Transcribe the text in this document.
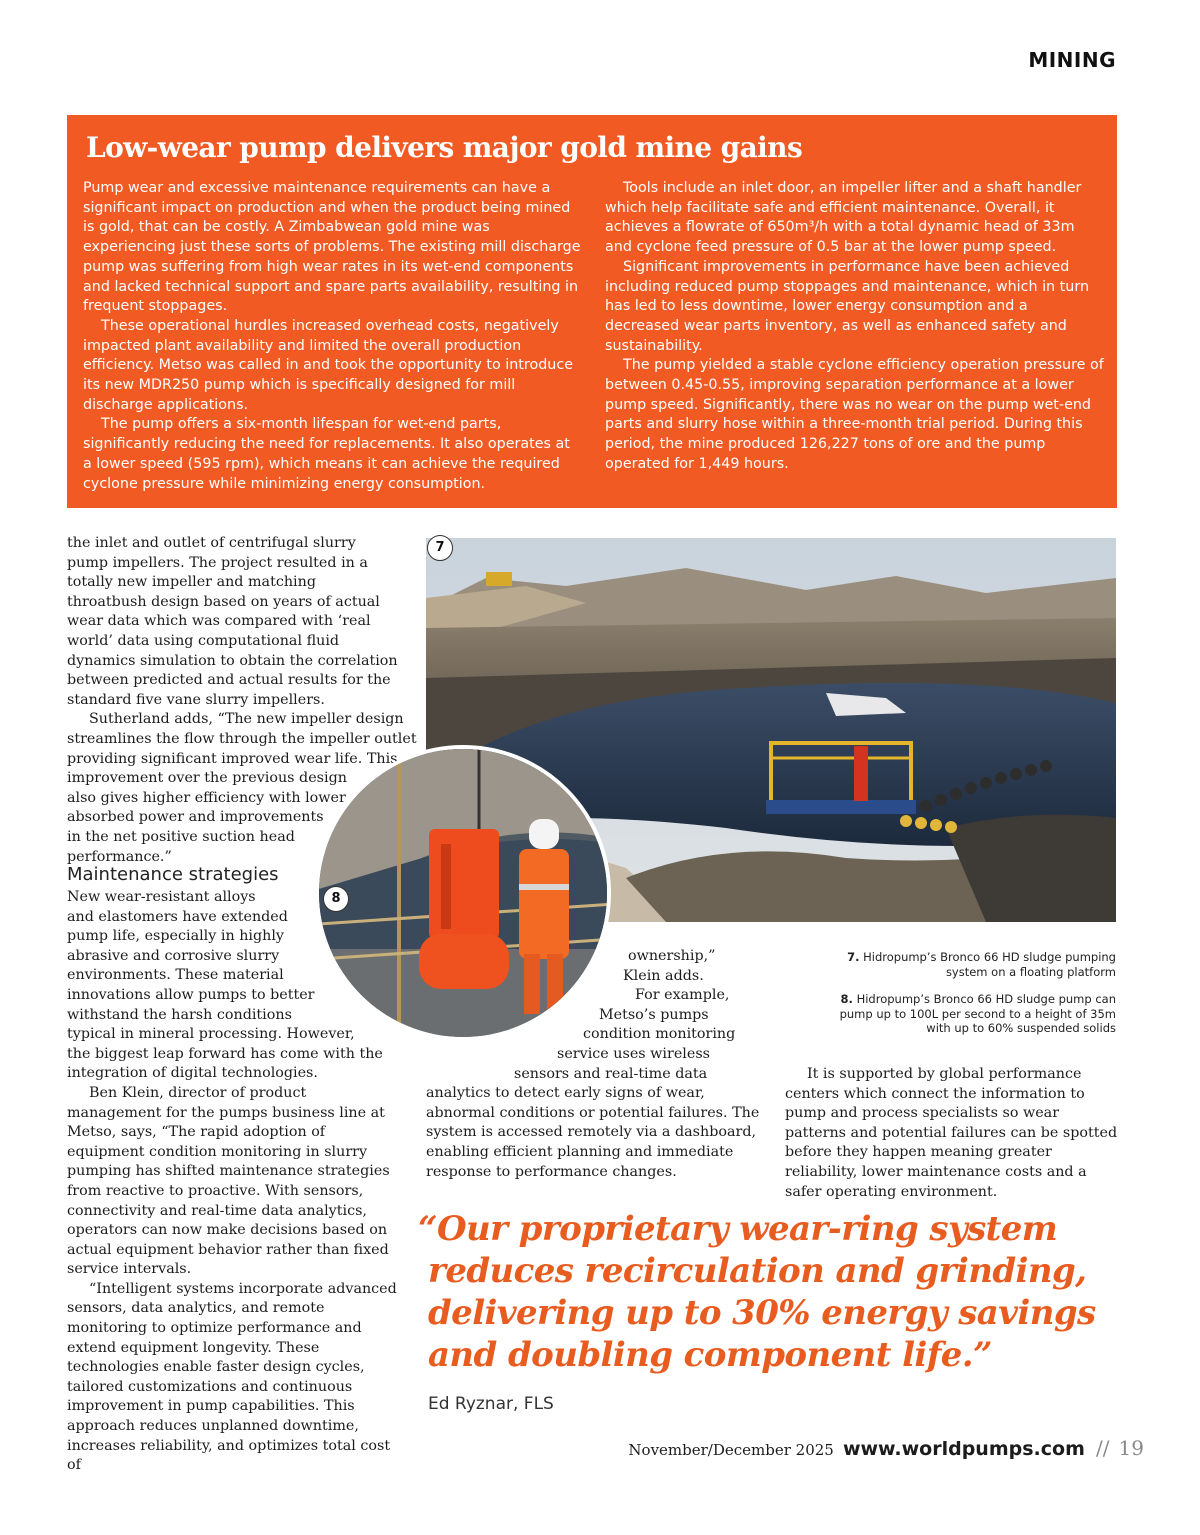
MINING
Low-wear pump delivers major gold mine gains

Pump wear and excessive maintenance requirements can have a significant impact on production and when the product being mined is gold, that can be costly. A Zimbabwean gold mine was experiencing just these sorts of problems. The existing mill discharge pump was suffering from high wear rates in its wet-end components and lacked technical support and spare parts availability, resulting in frequent stoppages.

These operational hurdles increased overhead costs, negatively impacted plant availability and limited the overall production efficiency. Metso was called in and took the opportunity to introduce its new MDR250 pump which is specifically designed for mill discharge applications.

The pump offers a six-month lifespan for wet-end parts, significantly reducing the need for replacements. It also operates at a lower speed (595 rpm), which means it can achieve the required cyclone pressure while minimizing energy consumption.

Tools include an inlet door, an impeller lifter and a shaft handler which help facilitate safe and efficient maintenance. Overall, it achieves a flowrate of 650m³/h with a total dynamic head of 33m and cyclone feed pressure of 0.5 bar at the lower pump speed.

Significant improvements in performance have been achieved including reduced pump stoppages and maintenance, which in turn has led to less downtime, lower energy consumption and a decreased wear parts inventory, as well as enhanced safety and sustainability.

The pump yielded a stable cyclone efficiency operation pressure of between 0.45-0.55, improving separation performance at a lower pump speed. Significantly, there was no wear on the pump wet-end parts and slurry hose within a three-month trial period. During this period, the mine produced 126,227 tons of ore and the pump operated for 1,449 hours.

the inlet and outlet of centrifugal slurry pump impellers. The project resulted in a totally new impeller and matching throatbush design based on years of actual wear data which was compared with ‘real world’ data using computational fluid dynamics simulation to obtain the correlation between predicted and actual results for the standard five vane slurry impellers.

Sutherland adds, “The new impeller design
streamlines the flow through the impeller outlet
providing significant improved wear life. This
improvement over the previous design
also gives higher efficiency with lower
absorbed power and improvements
in the net positive suction head
performance.”

Maintenance strategies

New wear-resistant alloys
and elastomers have extended
pump life, especially in highly
abrasive and corrosive slurry
environments. These material
innovations allow pumps to better
withstand the harsh conditions
typical in mineral processing. However,
the biggest leap forward has come with the
integration of digital technologies.

Ben Klein, director of product management for the pumps business line at Metso, says, “The rapid adoption of equipment condition monitoring in slurry pumping has shifted maintenance strategies from reactive to proactive. With sensors, connectivity and real-time data analytics, operators can now make decisions based on actual equipment behavior rather than fixed service intervals.

“Intelligent systems incorporate advanced sensors, data analytics, and remote monitoring to optimize performance and extend equipment longevity. These technologies enable faster design cycles, tailored customizations and continuous improvement in pump capabilities. This approach reduces unplanned downtime, increases reliability, and optimizes total cost of

7
8
7. Hidropump’s Bronco 66 HD sludge pumping system on a floating platform
8. Hidropump’s Bronco 66 HD sludge pump can pump up to 100L per second to a height of 35m with up to 60% suspended solids
ownership,”
Klein adds.
For example,
Metso’s pumps
condition monitoring
service uses wireless
sensors and real-time data

analytics to detect early signs of wear, abnormal conditions or potential failures. The system is accessed remotely via a dashboard, enabling efficient planning and immediate response to performance changes.

It is supported by global performance centers which connect the information to pump and process specialists so wear patterns and potential failures can be spotted before they happen meaning greater reliability, lower maintenance costs and a safer operating environment.

“Our proprietary wear-ring system
reduces recirculation and grinding,
delivering up to 30% energy savings
and doubling component life.”
Ed Ryznar, FLS
November/December 2025 www.worldpumps.com // 19
